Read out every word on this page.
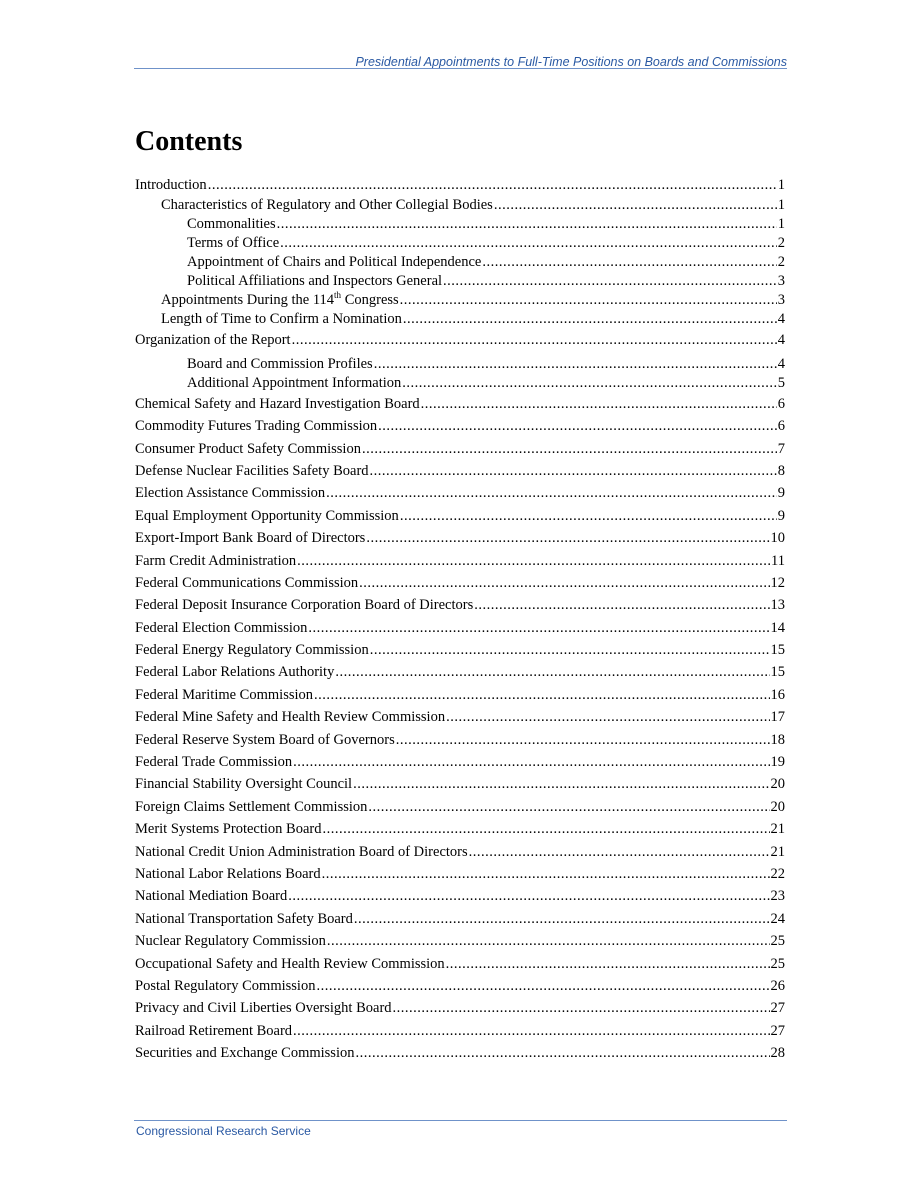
Presidential Appointments to Full-Time Positions on Boards and Commissions
Contents
Introduction .....	1
Characteristics of Regulatory and Other Collegial Bodies .....	1
Commonalities .....	1
Terms of Office .....	2
Appointment of Chairs and Political Independence .....	2
Political Affiliations and Inspectors General .....	3
Appointments During the 114th Congress .....	3
Length of Time to Confirm a Nomination .....	4
Organization of the Report .....	4
Board and Commission Profiles .....	4
Additional Appointment Information .....	5
Chemical Safety and Hazard Investigation Board .....	6
Commodity Futures Trading Commission .....	6
Consumer Product Safety Commission .....	7
Defense Nuclear Facilities Safety Board .....	8
Election Assistance Commission .....	9
Equal Employment Opportunity Commission .....	9
Export-Import Bank Board of Directors .....	10
Farm Credit Administration .....	11
Federal Communications Commission .....	12
Federal Deposit Insurance Corporation Board of Directors .....	13
Federal Election Commission .....	14
Federal Energy Regulatory Commission .....	15
Federal Labor Relations Authority .....	15
Federal Maritime Commission .....	16
Federal Mine Safety and Health Review Commission .....	17
Federal Reserve System Board of Governors .....	18
Federal Trade Commission .....	19
Financial Stability Oversight Council .....	20
Foreign Claims Settlement Commission .....	20
Merit Systems Protection Board .....	21
National Credit Union Administration Board of Directors .....	21
National Labor Relations Board .....	22
National Mediation Board .....	23
National Transportation Safety Board .....	24
Nuclear Regulatory Commission .....	25
Occupational Safety and Health Review Commission .....	25
Postal Regulatory Commission .....	26
Privacy and Civil Liberties Oversight Board .....	27
Railroad Retirement Board .....	27
Securities and Exchange Commission .....	28
Congressional Research Service
